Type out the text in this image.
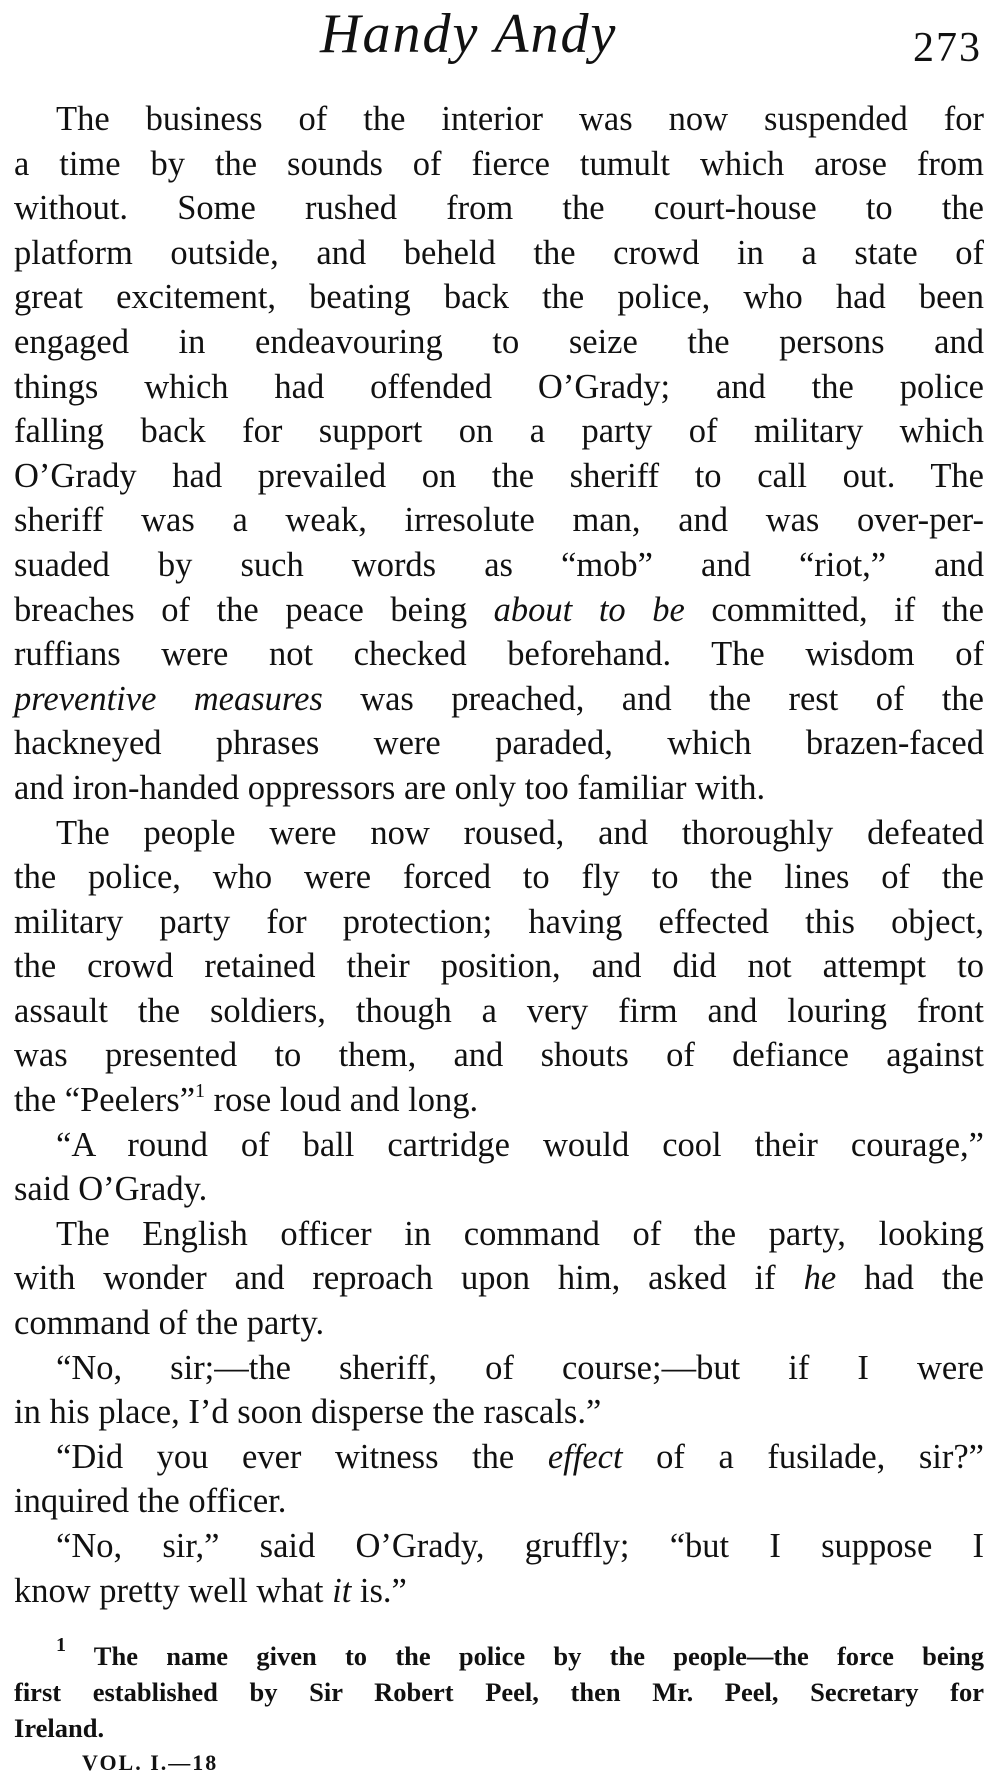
Handy Andy	273
The business of the interior was now suspended for
a time by the sounds of fierce tumult which arose from
without. Some rushed from the court-house to the
platform outside, and beheld the crowd in a state of
great excitement, beating back the police, who had been
engaged in endeavouring to seize the persons and
things which had offended O’Grady; and the police
falling back for support on a party of military which
O’Grady had prevailed on the sheriff to call out. The
sheriff was a weak, irresolute man, and was over-per-
suaded by such words as “mob” and “riot,” and
breaches of the peace being about to be committed, if the
ruffians were not checked beforehand. The wisdom of
preventive measures was preached, and the rest of the
hackneyed phrases were paraded, which brazen-faced
and iron-handed oppressors are only too familiar with.
The people were now roused, and thoroughly defeated
the police, who were forced to fly to the lines of the
military party for protection; having effected this object,
the crowd retained their position, and did not attempt to
assault the soldiers, though a very firm and louring front
was presented to them, and shouts of defiance against
the “Peelers”$^1$ rose loud and long.
“A round of ball cartridge would cool their courage,”
said O’Grady.
The English officer in command of the party, looking
with wonder and reproach upon him, asked if he had the
command of the party.
“No, sir;—the sheriff, of course;—but if I were
in his place, I’d soon disperse the rascals.”
“Did you ever witness the effect of a fusilade, sir?”
inquired the officer.
“No, sir,” said O’Grady, gruffly; “but I suppose I
know pretty well what it is.”
$^1$ The name given to the police by the people—the force being
first established by Sir Robert Peel, then Mr. Peel, Secretary for
Ireland.
VOL. I.—18
